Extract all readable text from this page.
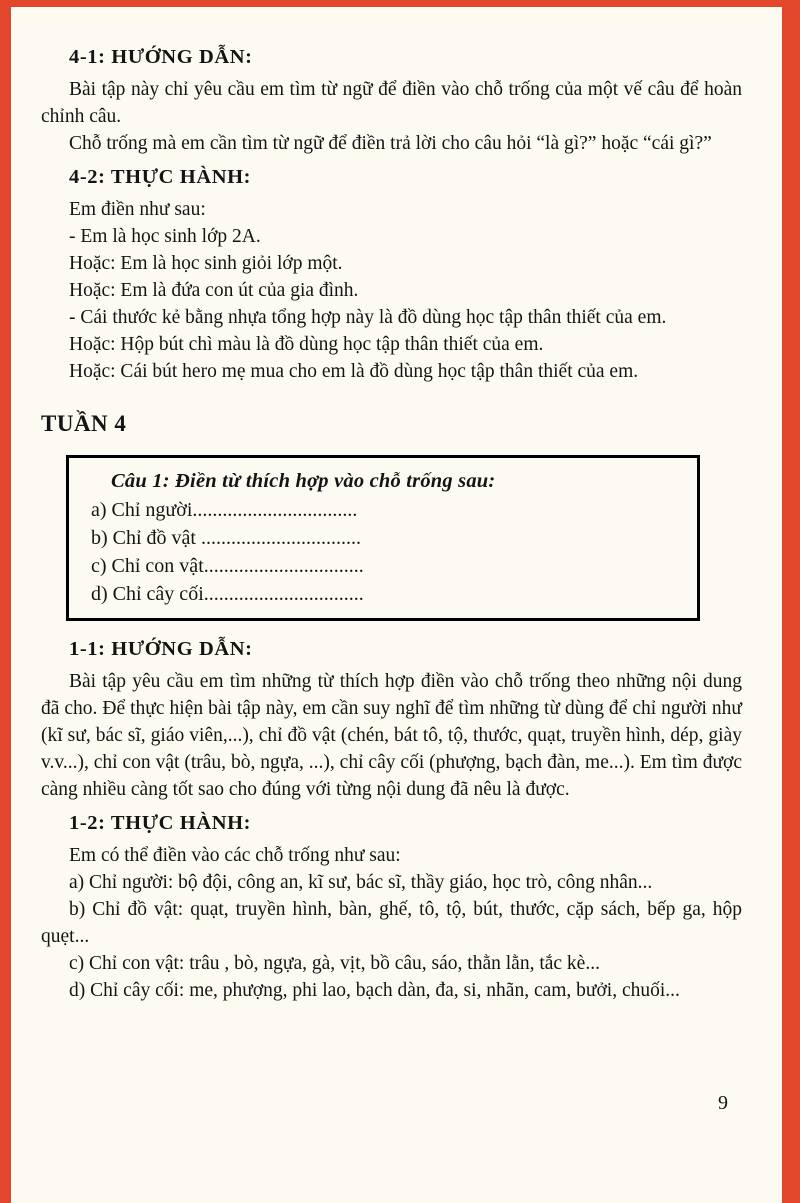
4-1: HƯỚNG DẪN:

Bài tập này chỉ yêu cầu em tìm từ ngữ để điền vào chỗ trống của một vế câu để hoàn chỉnh câu.

Chỗ trống mà em cần tìm từ ngữ để điền trả lời cho câu hỏi “là gì?” hoặc “cái gì?”

4-2: THỰC HÀNH:

Em điền như sau:

- Em là học sinh lớp 2A.

Hoặc: Em là học sinh giỏi lớp một.

Hoặc: Em là đứa con út của gia đình.

- Cái thước kẻ bằng nhựa tổng hợp này là đồ dùng học tập thân thiết của em.

Hoặc: Hộp bút chì màu là đồ dùng học tập thân thiết của em.

Hoặc: Cái bút hero mẹ mua cho em là đồ dùng học tập thân thiết của em.

TUẦN 4
Câu 1: Điền từ thích hợp vào chỗ trống sau:
a) Chỉ người.................................
b) Chỉ đồ vật ................................
c) Chỉ con vật................................
d) Chỉ cây cối................................
1-1: HƯỚNG DẪN:

Bài tập yêu cầu em tìm những từ thích hợp điền vào chỗ trống theo những nội dung đã cho. Để thực hiện bài tập này, em cần suy nghĩ để tìm những từ dùng để chỉ người như (kĩ sư, bác sĩ, giáo viên,...), chỉ đồ vật (chén, bát tô, tộ, thước, quạt, truyền hình, dép, giày v.v...), chỉ con vật (trâu, bò, ngựa, ...), chỉ cây cối (phượng, bạch đàn, me...). Em tìm được càng nhiều càng tốt sao cho đúng với từng nội dung đã nêu là được.

1-2: THỰC HÀNH:

Em có thể điền vào các chỗ trống như sau:

a) Chỉ người: bộ đội, công an, kĩ sư, bác sĩ, thầy giáo, học trò, công nhân...

b) Chỉ đồ vật: quạt, truyền hình, bàn, ghế, tô, tộ, bút, thước, cặp sách, bếp ga, hộp quẹt...

c) Chỉ con vật: trâu , bò, ngựa, gà, vịt, bồ câu, sáo, thằn lằn, tắc kè...

d) Chỉ cây cối: me, phượng, phi lao, bạch dàn, đa, si, nhãn, cam, bưởi, chuối...

9
